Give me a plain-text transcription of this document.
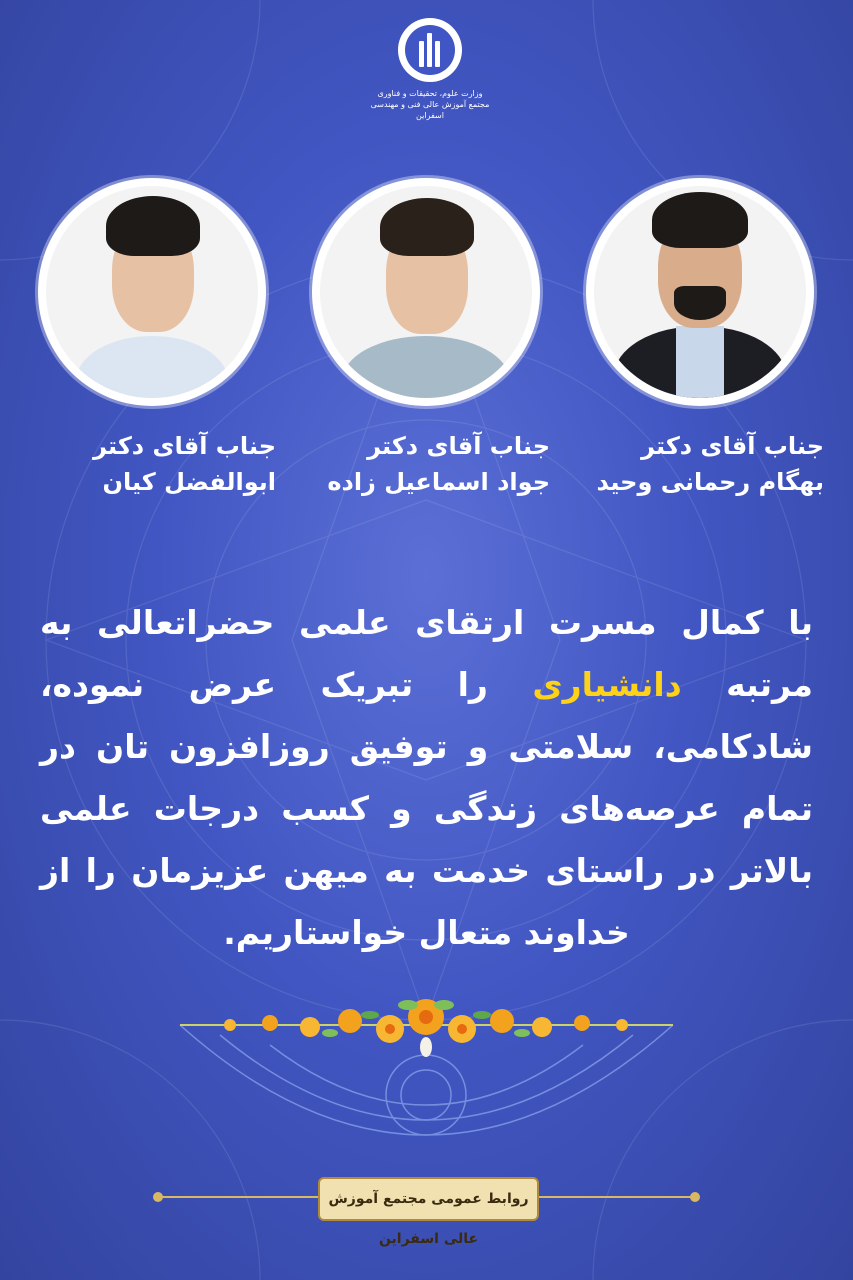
وزارت علوم، تحقیقات و فناوری
مجتمع آموزش عالی فنی و مهندسی اسفراین
جناب آقای دکتر
ابوالفضل کیان
جناب آقای دکتر
جواد اسماعیل زاده
جناب آقای دکتر
بهگام رحمانی وحید
با کمال مسرت ارتقای علمی حضراتعالی به مرتبه دانشیاری را تبریک عرض نموده، شادکامی، سلامتی و توفیق روزافزون تان در تمام عرصه‌های زندگی و کسب درجات علمی بالاتر در راستای خدمت به میهن عزیزمان را از خداوند متعال خواستاریم.
روابط عمومی مجتمع آموزش عالی اسفراین
